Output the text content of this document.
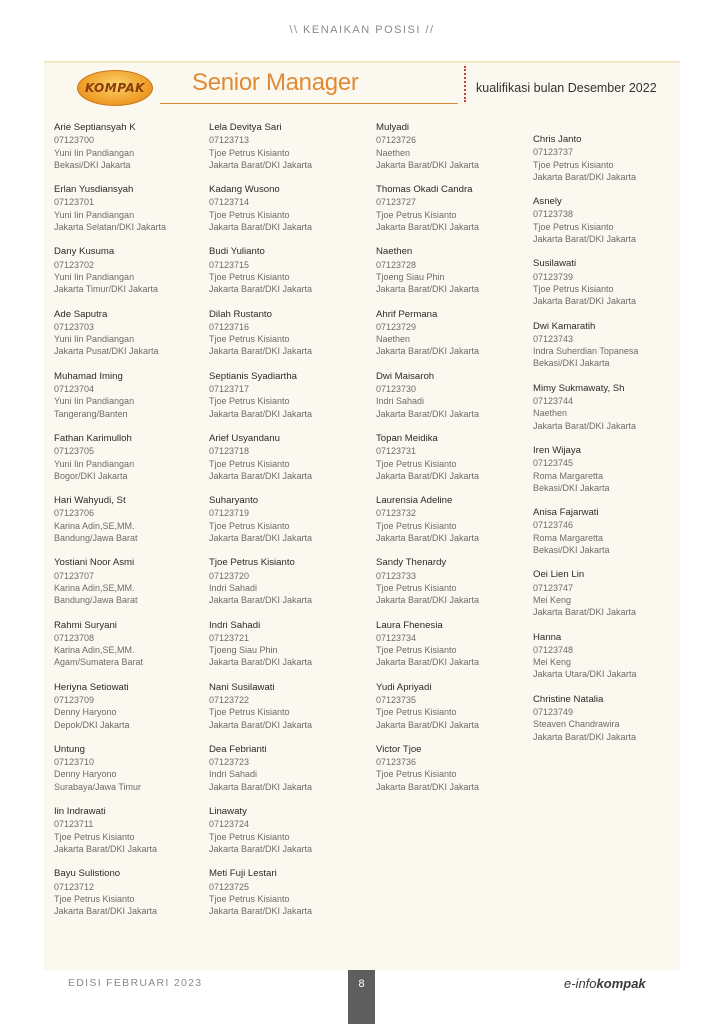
\\ KENAIKAN POSISI //
KOMPAK Senior Manager	kualifikasi bulan Desember 2022
Arie Septiansyah K
07123700
Yuni Iin Pandiangan
Bekasi/DKI Jakarta
Erlan Yusdiansyah
07123701
Yuni Iin Pandiangan
Jakarta Selatan/DKI Jakarta
Dany Kusuma
07123702
Yuni Iin Pandiangan
Jakarta Timur/DKI Jakarta
Ade Saputra
07123703
Yuni Iin Pandiangan
Jakarta Pusat/DKI Jakarta
Muhamad Iming
07123704
Yuni Iin Pandiangan
Tangerang/Banten
Fathan Karimulloh
07123705
Yuni Iin Pandiangan
Bogor/DKI Jakarta
Hari Wahyudi, St
07123706
Karina Adin,SE,MM.
Bandung/Jawa Barat
Yostiani Noor Asmi
07123707
Karina Adin,SE,MM.
Bandung/Jawa Barat
Rahmi Suryani
07123708
Karina Adin,SE,MM.
Agam/Sumatera Barat
Heriyna Setiowati
07123709
Denny Haryono
Depok/DKI Jakarta
Untung
07123710
Denny Haryono
Surabaya/Jawa Timur
Iin Indrawati
07123711
Tjoe Petrus Kisianto
Jakarta Barat/DKI Jakarta
Bayu Sulistiono
07123712
Tjoe Petrus Kisianto
Jakarta Barat/DKI Jakarta
Lela Devitya Sari
07123713
Tjoe Petrus Kisianto
Jakarta Barat/DKI Jakarta
Kadang Wusono
07123714
Tjoe Petrus Kisianto
Jakarta Barat/DKI Jakarta
Budi Yulianto
07123715
Tjoe Petrus Kisianto
Jakarta Barat/DKI Jakarta
Dilah Rustanto
07123716
Tjoe Petrus Kisianto
Jakarta Barat/DKI Jakarta
Septianis Syadiartha
07123717
Tjoe Petrus Kisianto
Jakarta Barat/DKI Jakarta
Arief Usyandanu
07123718
Tjoe Petrus Kisianto
Jakarta Barat/DKI Jakarta
Suharyanto
07123719
Tjoe Petrus Kisianto
Jakarta Barat/DKI Jakarta
Tjoe Petrus Kisianto
07123720
Indri Sahadi
Jakarta Barat/DKI Jakarta
Indri Sahadi
07123721
Tjoeng Siau Phin
Jakarta Barat/DKI Jakarta
Nani Susilawati
07123722
Tjoe Petrus Kisianto
Jakarta Barat/DKI Jakarta
Dea Febrianti
07123723
Indri Sahadi
Jakarta Barat/DKI Jakarta
Linawaty
07123724
Tjoe Petrus Kisianto
Jakarta Barat/DKI Jakarta
Meti Fuji Lestari
07123725
Tjoe Petrus Kisianto
Jakarta Barat/DKI Jakarta
Mulyadi
07123726
Naethen
Jakarta Barat/DKI Jakarta
Thomas Okadi Candra
07123727
Tjoe Petrus Kisianto
Jakarta Barat/DKI Jakarta
Naethen
07123728
Tjoeng Siau Phin
Jakarta Barat/DKI Jakarta
Ahrif Permana
07123729
Naethen
Jakarta Barat/DKI Jakarta
Dwi Maisaroh
07123730
Indri Sahadi
Jakarta Barat/DKI Jakarta
Topan Meidika
07123731
Tjoe Petrus Kisianto
Jakarta Barat/DKI Jakarta
Laurensia Adeline
07123732
Tjoe Petrus Kisianto
Jakarta Barat/DKI Jakarta
Sandy Thenardy
07123733
Tjoe Petrus Kisianto
Jakarta Barat/DKI Jakarta
Laura Fhenesia
07123734
Tjoe Petrus Kisianto
Jakarta Barat/DKI Jakarta
Yudi Apriyadi
07123735
Tjoe Petrus Kisianto
Jakarta Barat/DKI Jakarta
Victor Tjoe
07123736
Tjoe Petrus Kisianto
Jakarta Barat/DKI Jakarta
Chris Janto
07123737
Tjoe Petrus Kisianto
Jakarta Barat/DKI Jakarta
Asnely
07123738
Tjoe Petrus Kisianto
Jakarta Barat/DKI Jakarta
Susilawati
07123739
Tjoe Petrus Kisianto
Jakarta Barat/DKI Jakarta
Dwi Kamaratih
07123743
Indra Suherdian Topanesa
Bekasi/DKI Jakarta
Mimy Sukmawaty, Sh
07123744
Naethen
Jakarta Barat/DKI Jakarta
Iren Wijaya
07123745
Roma Margaretta
Bekasi/DKI Jakarta
Anisa Fajarwati
07123746
Roma Margaretta
Bekasi/DKI Jakarta
Oei Lien Lin
07123747
Mei Keng
Jakarta Barat/DKI Jakarta
Hanna
07123748
Mei Keng
Jakarta Utara/DKI Jakarta
Christine Natalia
07123749
Steaven Chandrawira
Jakarta Barat/DKI Jakarta
EDISI FEBRUARI 2023	8	e-infokompak
